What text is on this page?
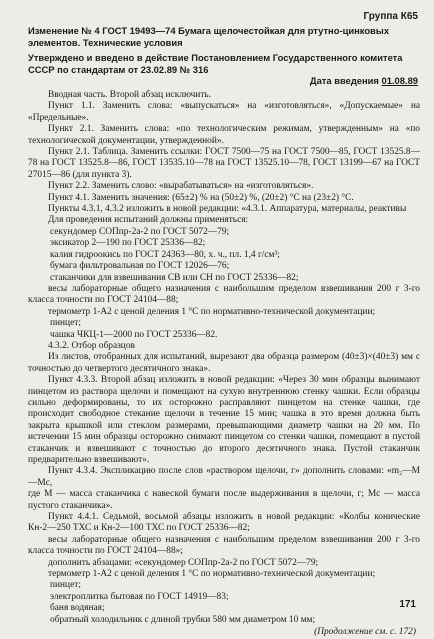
Группа К65

Изменение № 4 ГОСТ 19493—74 Бумага щелочестойкая для ртутно-цинковых элементов. Технические условия

Утверждено и введено в действие Постановлением Государственного комитета СССР по стандартам от 23.02.89 № 316

Дата введения 01.08.89

Вводная часть. Второй абзац исключить.

Пункт 1.1. Заменить слова: «выпускаться» на «изготовляться», «Допускаемые» на «Предельные».

Пункт 2.1. Заменить слова: «по технологическим режимам, утвержденным» на «по технологической документации, утвержденной».

Пункт 2.1. Таблица. Заменить ссылки: ГОСТ 7500—75 на ГОСТ 7500—85, ГОСТ 13525.8—78 на ГОСТ 13525.8—86, ГОСТ 13535.10—78 на ГОСТ 13525.10—78, ГОСТ 13199—67 на ГОСТ 27015—86 (для пункта 3).

Пункт 2.2. Заменить слово: «вырабатываться» на «изготовляться».

Пункт 4.1. Заменить значения: (65±2) % на (50±2) %, (20±2) °С на (23±2) °С.

Пункты 4.3.1, 4.3.2 изложить в новой редакции: «4.3.1. Аппаратура, материалы, реактивы

Для проведения испытаний должны применяться:

секундомер СОПпр-2а-2 по ГОСТ 5072—79;

эксикатор 2—190 по ГОСТ 25336—82;

калия гидроокись по ГОСТ 24363—80, х. ч., пл. 1,4 г/см³;

бумага фильтровальная по ГОСТ 12026—76;

стаканчики для взвешивания СВ или СН по ГОСТ 25336—82;

весы лабораторные общего назначения с наибольшим пределом взвешивания 200 г 3-го класса точности по ГОСТ 24104—88;

термометр 1-А2 с ценой деления 1 °С по нормативно-технической документации;

пинцет;

чашка ЧКЦ-1—2000 по ГОСТ 25336—82.

4.3.2. Отбор образцов

Из листов, отобранных для испытаний, вырезают два образца размером (40±3)×(40±3) мм с точностью до четвертого десятичного знака».

Пункт 4.3.3. Второй абзац изложить в новой редакции: «Через 30 мин образцы вынимают пинцетом из раствора щелочи и помещают на сухую внутреннюю стенку чашки. Если образцы сильно деформированы, то их осторожно расправляют пинцетом на стенке чашки, где происходит свободное стекание щелочи в течение 15 мин; чашка в это время должна быть закрыта крышкой или стеклом размерами, превышающими диаметр чашки на 20 мм. По истечении 15 мин образцы осторожно снимают пинцетом со стенки чашки, помещают в пустой стаканчик и взвешивают с точностью до второго десятичного знака. Пустой стаканчик предварительно взвешивают».

Пункт 4.3.4. Экспликацию после слов «раствором щелочи, г» дополнить словами: «m₂—M—Mс,

где M — масса стаканчика с навеской бумаги после выдерживания в щелочи, г; Mс — масса пустого стаканчика».

Пункт 4.4.1. Седьмой, восьмой абзацы изложить в новой редакции: «Колбы конические Кн-2—250 ТХС и Кн-2—100 ТХС по ГОСТ 25336—82;

весы лабораторные общего назначения с наибольшим пределом взвешивания 200 г 3-го класса точности по ГОСТ 24104—88»;

дополнить абзацами: «секундомер СОПпр-2а-2 по ГОСТ 5072—79;

термометр 1-А2 с ценой деления 1 °С по нормативно-технической документации;

пинцет;

электроплитка бытовая по ГОСТ 14919—83;

баня водяная;

обратный холодильник с длиной трубки 580 мм диаметром 10 мм;

(Продолжение см. с. 172)

171
